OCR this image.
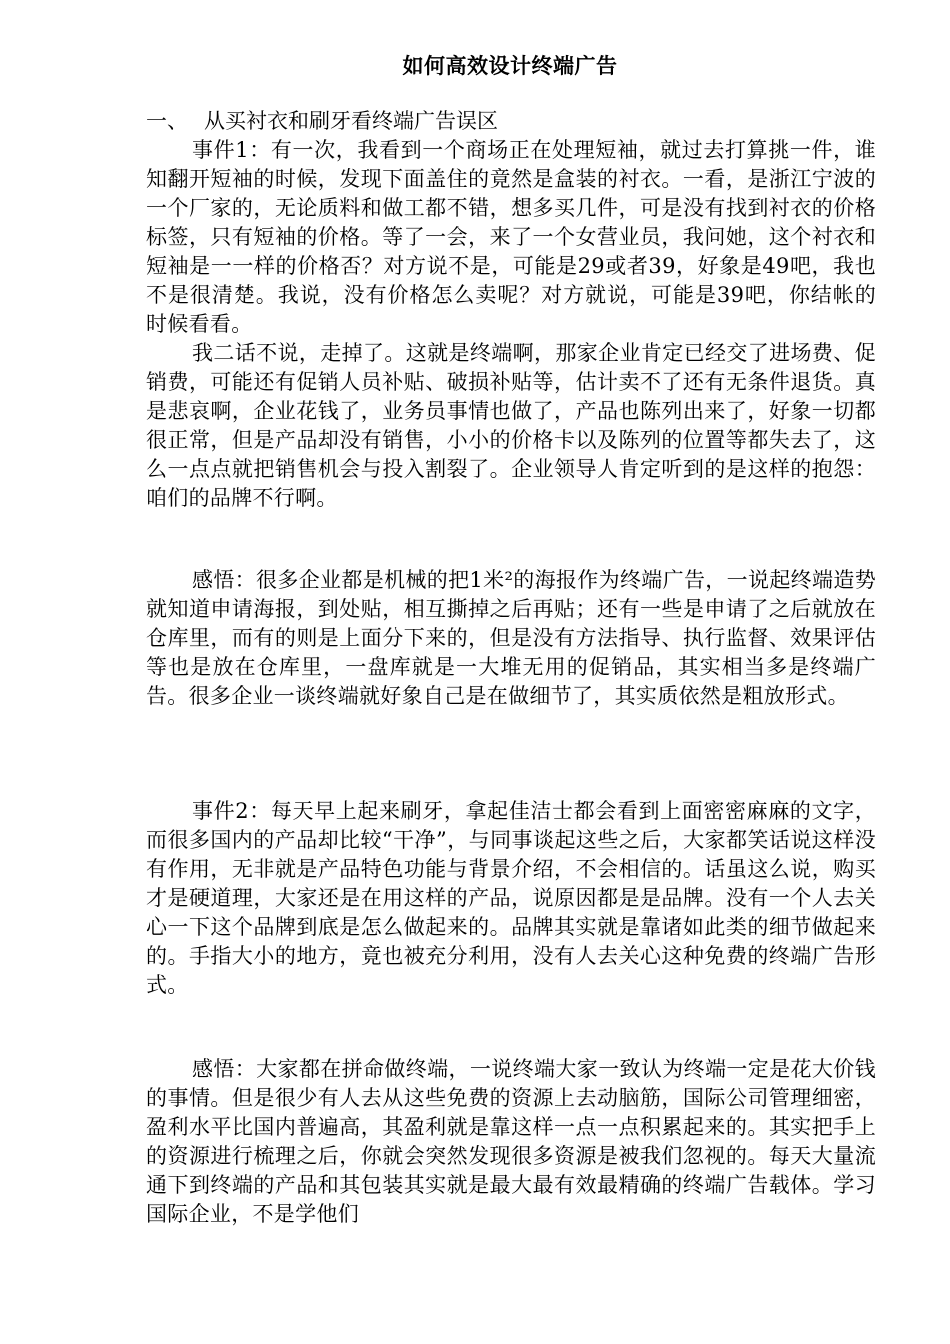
如何高效设计终端广告
一、 从买衬衣和刷牙看终端广告误区

事件1：有一次，我看到一个商场正在处理短袖，就过去打算挑一件，谁知翻开短袖的时候，发现下面盖住的竟然是盒装的衬衣。一看，是浙江宁波的一个厂家的，无论质料和做工都不错，想多买几件，可是没有找到衬衣的价格标签，只有短袖的价格。等了一会，来了一个女营业员，我问她，这个衬衣和短袖是一一样的价格否？对方说不是，可能是29或者39，好象是49吧，我也不是很清楚。我说，没有价格怎么卖呢？对方就说，可能是39吧，你结帐的时候看看。

我二话不说，走掉了。这就是终端啊，那家企业肯定已经交了进场费、促销费，可能还有促销人员补贴、破损补贴等，估计卖不了还有无条件退货。真是悲哀啊，企业花钱了，业务员事情也做了，产品也陈列出来了，好象一切都很正常，但是产品却没有销售，小小的价格卡以及陈列的位置等都失去了，这么一点点就把销售机会与投入割裂了。企业领导人肯定听到的是这样的抱怨：咱们的品牌不行啊。

感悟：很多企业都是机械的把1米²的海报作为终端广告，一说起终端造势就知道申请海报，到处贴，相互撕掉之后再贴；还有一些是申请了之后就放在仓库里，而有的则是上面分下来的，但是没有方法指导、执行监督、效果评估等也是放在仓库里，一盘库就是一大堆无用的促销品，其实相当多是终端广告。很多企业一谈终端就好象自己是在做细节了，其实质依然是粗放形式。

事件2：每天早上起来刷牙，拿起佳洁士都会看到上面密密麻麻的文字，而很多国内的产品却比较“干净”，与同事谈起这些之后，大家都笑话说这样没有作用，无非就是产品特色功能与背景介绍，不会相信的。话虽这么说，购买才是硬道理，大家还是在用这样的产品，说原因都是是品牌。没有一个人去关心一下这个品牌到底是怎么做起来的。品牌其实就是靠诸如此类的细节做起来的。手指大小的地方，竟也被充分利用，没有人去关心这种免费的终端广告形式。

感悟：大家都在拼命做终端，一说终端大家一致认为终端一定是花大价钱的事情。但是很少有人去从这些免费的资源上去动脑筋，国际公司管理细密，盈利水平比国内普遍高，其盈利就是靠这样一点一点积累起来的。其实把手上的资源进行梳理之后，你就会突然发现很多资源是被我们忽视的。每天大量流通下到终端的产品和其包装其实就是最大最有效最精确的终端广告载体。学习国际企业，不是学他们
